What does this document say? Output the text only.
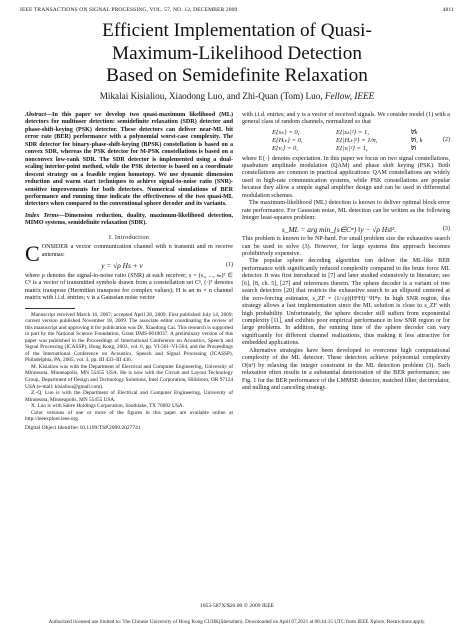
IEEE TRANSACTIONS ON SIGNAL PROCESSING, VOL. 57, NO. 12, DECEMBER 2009	4811
Efficient Implementation of Quasi-
Maximum-Likelihood Detection
Based on Semidefinite Relaxation
Mikalai Kisialiou, Xiaodong Luo, and Zhi-Quan (Tom) Luo, Fellow, IEEE

Abstract—In this paper we develop two quasi-maximum likelihood (ML) detectors for multiuser detection: semidefinite relaxation (SDR) detector and phase-shift-keying (PSK) detector. These detectors can deliver near-ML bit error rate (BER) performance with a polynomial worst-case complexity. The SDR detector for binary-phase-shift-keying (BPSK) constellation is based on a convex SDR, whereas the PSK detector for M-PSK constellations is based on a nonconvex low-rank SDR. The SDR detector is implemented using a dual-scaling interior-point method, while the PSK detector is based on a coordinate descent strategy on a feasible region homotopy. We use dynamic dimension reduction and warm start techniques to achieve signal-to-noise ratio (SNR)-sensitive improvements for both detectors. Numerical simulations of BER performance and running time indicate the effectiveness of the two quasi-ML detectors when compared to the conventional sphere decoder and its variants.

Index Terms—Dimension reduction, duality, maximum-likelihood detection, MIMO systems, semidefinite relaxation (SDR).

I. Introduction

CONSIDER a vector communication channel with n transmit and m receive antennas:

y = √ρ Hs + v	(1)

where ρ denotes the signal-to-noise ratio (SNR) at each receiver; s = (s₁, ..., sₙ)ᵀ ∈ Cⁿ is a vector of transmitted symbols drawn from a constellation set Cⁿ, (·)ᵀ denotes matrix transpose (Hermitian transpose for complex values); H is an m × n channel matrix with i.i.d. entries; v is a Gaussian noise vector

Manuscript received March 16, 2007; accepted April 28, 2009. First published July 14, 2009; current version published November 18, 2009. The associate editor coordinating the review of this manuscript and approving it for publication was Dr. Xiaodong Cai. This research is supported in part by the National Science Foundation, Grant DMS-0610037. A preliminary version of this paper was published in the Proceedings of International Conference on Acoustics, Speech and Signal Processing (ICASSP), Hong Kong, 2003, vol. 6, pp. VI-561–VI-564, and the Proceedings of the International Conference on Acoustics, Speech and Signal Processing (ICASSP), Philadelphia, PA, 2005, vol. 3, pp. III 433–III 436.

M. Kisialiou was with the Department of Electrical and Computer Engineering, University of Minnesota, Minneapolis, MN 55455 USA. He is now with the Circuit and Layout Technology Group, Department of Design and Technology Solutions, Intel Corporation, Hillsboro, OR 97124 USA (e-mail: kisialiou@gmail.com).

Z.-Q. Luo is with the Department of Electrical and Computer Engineering, University of Minnesota, Minneapolis, MN 55455 USA.

X. Luo is with Sabre Holdings Corporation, Southlake, TX 76092 USA.

Color versions of one or more of the figures in this paper are available online at http://ieeexplore.ieee.org.

Digital Object Identifier 10.1109/TSP.2009.2027741

with i.i.d. entries; and y is a vector of received signals. We consider model (1) with a general class of random channels, normalized so that

E{sₖ} = 0,	E{|sₖ|²} = 1,	∀k
E{Hᵢₖ} = 0,	E{|Hᵢₖ|²} = 1/n,	∀i, k
E{vᵢ} = 0,	E{|vᵢ|²} = 1,	∀i
(2)

where E{·} denotes expectation. In this paper we focus on two signal constellations, quadrature amplitude modulation (QAM) and phase shift keying (PSK). Both constellations are common in practical applications: QAM constellations are widely used in high-rate communication systems, while PSK constellations are popular because they allow a simple signal amplifier design and can be used in differential modulation schemes.

The maximum-likelihood (ML) detection is known to deliver optimal block error rate performance. For Gaussian noise, ML detection can be written as the following Integer least-squares problem:

s_ML = arg min_{s∈Cⁿ} ‖y − √ρ Hs‖².	(3)

This problem is known to be NP-hard. For small problem size the exhaustive search can be used to solve (3). However, for large systems this approach becomes prohibitively expensive.

The popular sphere decoding algorithm can deliver the ML-like BER performance with significantly reduced complexity compared to the brute force ML detector. It was first introduced in [7] and later studied extensively in literature; see [6], [8, ch. 5], [27] and references therein. The sphere decoder is a variant of tree search detectors [20] that restricts the exhaustive search to an ellipsoid centered at the zero-forcing estimator, s_ZF = (1/√ρ)(HᴴH)⁻¹Hᴴy. In high SNR region, this strategy allows a fast implementation since the ML solution is close to s_ZF with high probability. Unfortunately, the sphere decoder still suffers from exponential complexity [11], and exhibits poor empirical performance in low SNR region or for large problems. In addition, the running time of the sphere decoder can vary significantly for different channel realizations, thus making it less attractive for embedded applications.

Alternative strategies have been developed to overcome high computational complexity of the ML detector. These detectors achieve polynomial complexity O(n³) by relaxing the integer constraint in the ML detection problem (3). Such relaxation often results in a substantial deterioration of the BER performance; see Fig. 1 for the BER performance of the LMMSE detector, matched filter, decorrelator, and nulling and canceling strategy.

1053-587X/$26.00 © 2009 IEEE
Authorized licensed use limited to: The Chinese University of Hong Kong CUHK(Shenzhen). Downloaded on April 07,2021 at 08:44:15 UTC from IEEE Xplore. Restrictions apply.
